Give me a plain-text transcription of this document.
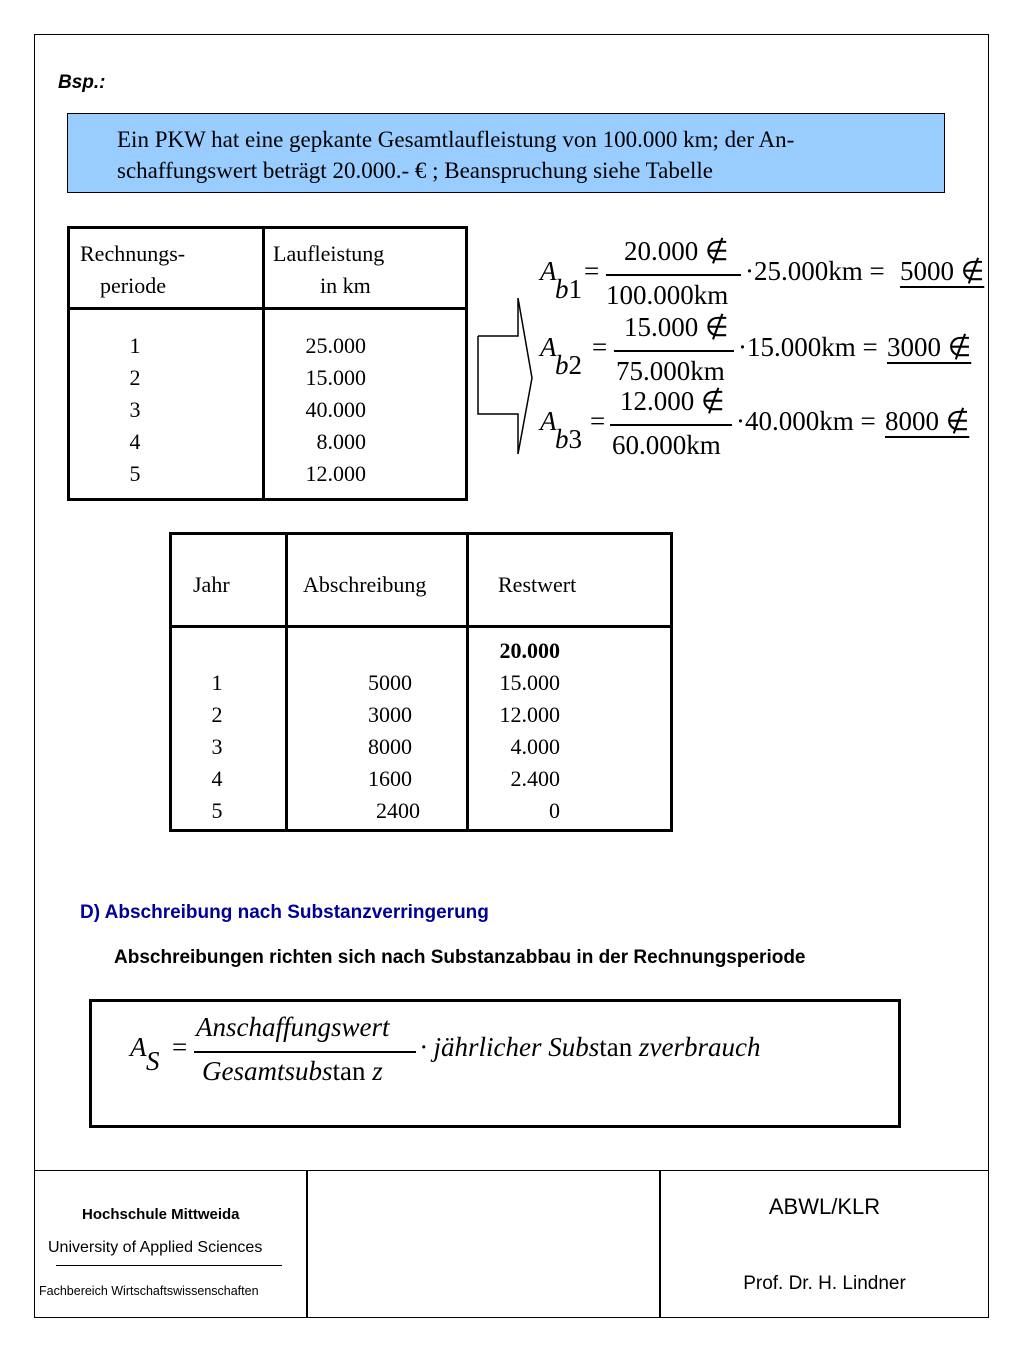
Bsp.:

Ein PKW hat eine gepkante Gesamtlaufleistung von 100.000 km; der An-

schaffungswert beträgt 20.000.- € ; Beanspruchung siehe Tabelle

Rechnungs-
periode
Laufleistung
in km
1
2
3
4
5
25.000
15.000
40.000
8.000
12.000
A
b1
=
20.000 ∉
100.000km
·25.000km = 5000 ∉
A
b2
=
15.000 ∉
75.000km
·15.000km = 3000 ∉
A
b3
=
12.000 ∉
60.000km
·40.000km = 8000 ∉
Jahr	Abschreibung	Restwert
20.000
1
2
3
4
5
5000
3000
8000
1600
2400
15.000
12.000
4.000
2.400
0
D) Abschreibung nach Substanzverringerung
Abschreibungen richten sich nach Substanzabbau in der Rechnungsperiode
A S =
Anschaffungswert
Gesamtsubstan z
· jährlicher Substan zverbrauch
Hochschule Mittweida
University of Applied Sciences
Fachbereich Wirtschaftswissenschaften
ABWL/KLR
Prof. Dr. H. Lindner
